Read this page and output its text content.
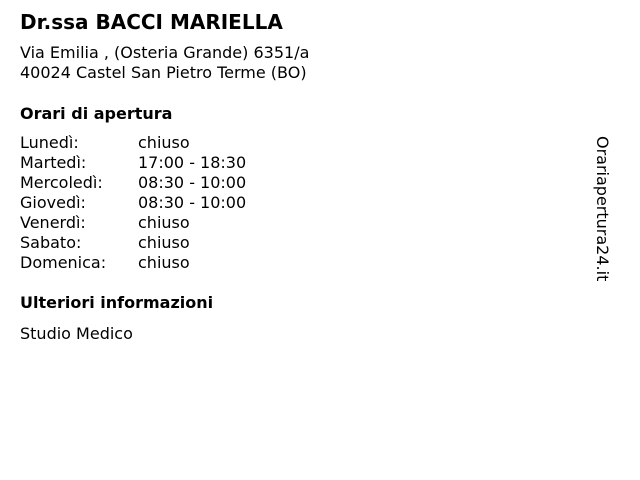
Dr.ssa BACCI MARIELLA
Via Emilia , (Osteria Grande) 6351/a
40024 Castel San Pietro Terme (BO)
Orari di apertura
Lunedì:	chiuso
Martedì:	17:00 - 18:30
Mercoledì: 08:30 - 10:00
Giovedì:	08:30 - 10:00
Venerdì:	chiuso
Sabato:	chiuso
Domenica: chiuso
Ulteriori informazioni
Studio Medico
Orariapertura24.it
